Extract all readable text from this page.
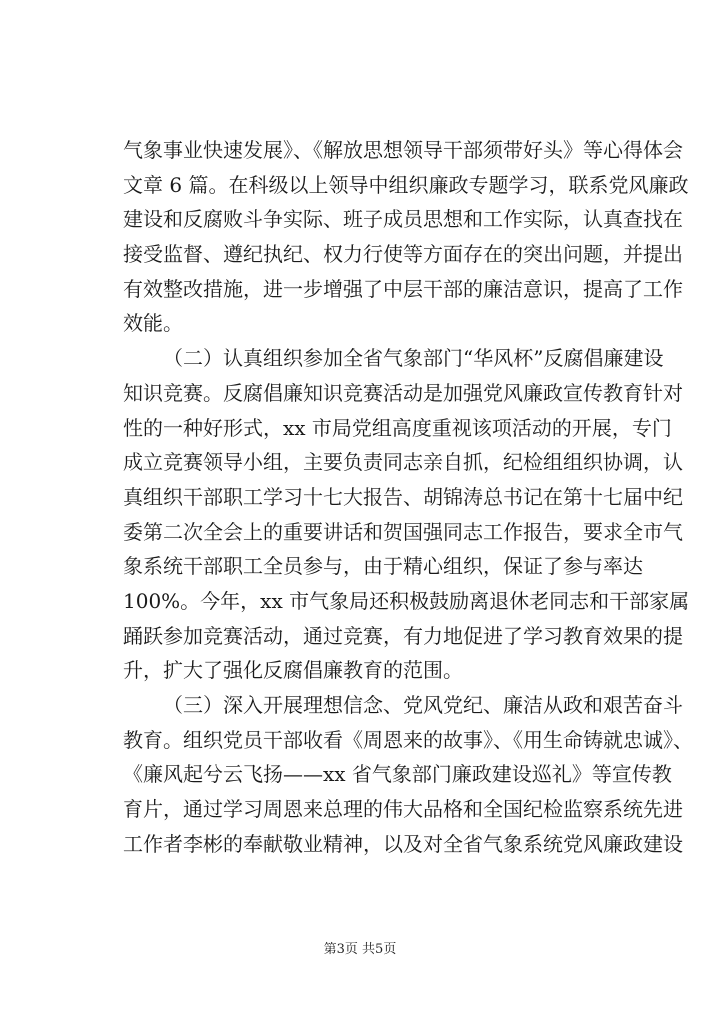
气象事业快速发展》、《解放思想领导干部须带好头》等心得体会
文章 6 篇。在科级以上领导中组织廉政专题学习，联系党风廉政
建设和反腐败斗争实际、班子成员思想和工作实际，认真查找在
接受监督、遵纪执纪、权力行使等方面存在的突出问题，并提出
有效整改措施，进一步增强了中层干部的廉洁意识，提高了工作
效能。
（二）认真组织参加全省气象部门“华风杯”反腐倡廉建设
知识竞赛。反腐倡廉知识竞赛活动是加强党风廉政宣传教育针对
性的一种好形式，xx 市局党组高度重视该项活动的开展，专门
成立竞赛领导小组，主要负责同志亲自抓，纪检组组织协调，认
真组织干部职工学习十七大报告、胡锦涛总书记在第十七届中纪
委第二次全会上的重要讲话和贺国强同志工作报告，要求全市气
象系统干部职工全员参与，由于精心组织，保证了参与率达
100%。今年，xx 市气象局还积极鼓励离退休老同志和干部家属
踊跃参加竞赛活动，通过竞赛，有力地促进了学习教育效果的提
升，扩大了强化反腐倡廉教育的范围。
（三）深入开展理想信念、党风党纪、廉洁从政和艰苦奋斗
教育。组织党员干部收看《周恩来的故事》、《用生命铸就忠诚》、
《廉风起兮云飞扬——xx 省气象部门廉政建设巡礼》等宣传教
育片，通过学习周恩来总理的伟大品格和全国纪检监察系统先进
工作者李彬的奉献敬业精神，以及对全省气象系统党风廉政建设
第3页 共5页
